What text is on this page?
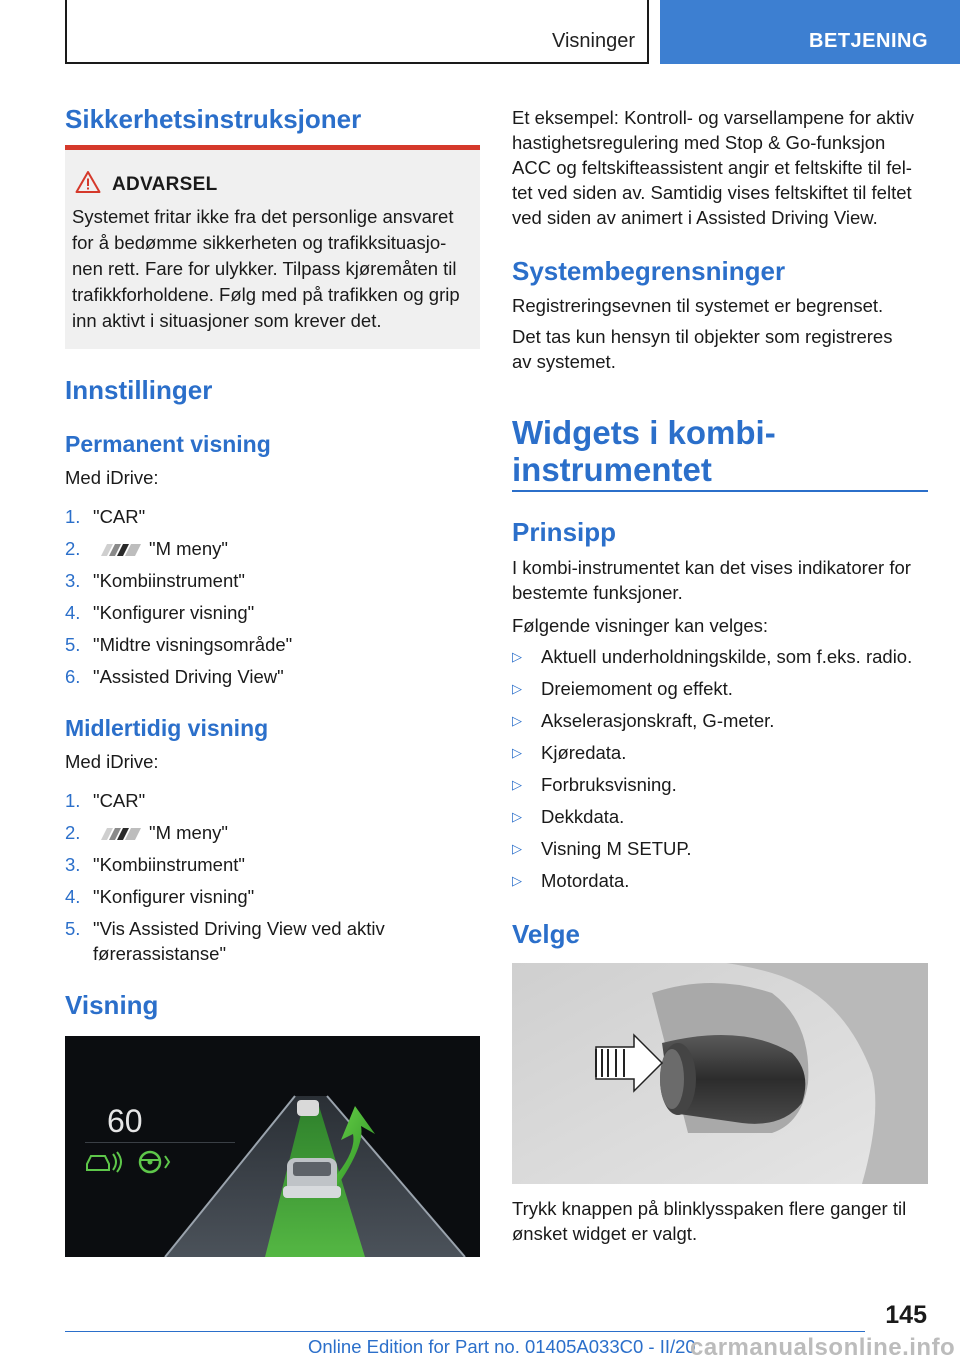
Visninger	BETJENING
Sikkerhetsinstruksjoner
ADVARSEL
Systemet fritar ikke fra det personlige ansvaret
for å bedømme sikkerheten og trafikksituasjo-
nen rett. Fare for ulykker. Tilpass kjøremåten til
trafikkforholdene. Følg med på trafikken og grip
inn aktivt i situasjoner som krever det.
Innstillinger
Permanent visning
Med iDrive:
1. "CAR"
2.	"M meny"
3. "Kombiinstrument"
4. "Konfigurer visning"
5. "Midtre visningsområde"
6. "Assisted Driving View"
Midlertidig visning
Med iDrive:
1. "CAR"
2.	"M meny"
3. "Kombiinstrument"
4. "Konfigurer visning"
5. "Vis Assisted Driving View ved aktiv
førerassistanse"
Visning
60
Et eksempel: Kontroll- og varsellampene for aktiv
hastighetsregulering med Stop & Go-funksjon
ACC og feltskifteassistent angir et feltskifte til fel-
tet ved siden av. Samtidig vises feltskiftet til feltet
ved siden av animert i Assisted Driving View.
Systembegrensninger
Registreringsevnen til systemet er begrenset.
Det tas kun hensyn til objekter som registreres
av systemet.
Widgets i kombi-
instrumentet
Prinsipp
I kombi-instrumentet kan det vises indikatorer for
bestemte funksjoner.
Følgende visninger kan velges:
▷ Aktuell underholdningskilde, som f.eks. radio.
▷ Dreiemoment og effekt.
▷ Akselerasjonskraft, G-meter.
▷ Kjøredata.
▷ Forbruksvisning.
▷ Dekkdata.
▷ Visning M SETUP.
▷ Motordata.
Velge
Trykk knappen på blinklysspaken flere ganger til
ønsket widget er valgt.
145
Online Edition for Part no. 01405A033C0 - II/20
carmanualsonline.info
